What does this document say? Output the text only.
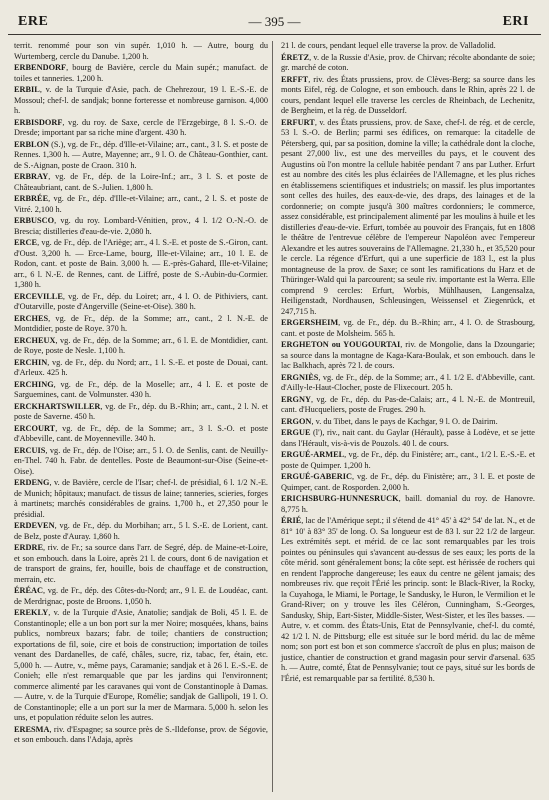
ERE	— 395 —	ERI

territ. renommé pour son vin supér. 1,010 h. — Autre, bourg du Wurtemberg, cercle du Danube. 1,200 h.

ERBENDORF, bourg de Bavière, cercle du Main supér.; manufact. de toiles et tanneries. 1,200 h.

ERBIL, v. de la Turquie d'Asie, pach. de Chehrezour, 19 l. E.-S.-E. de Mossoul; chef-l. de sandjak; bonne forteresse et nombreuse garnison. 4,000 h.

ERBISDORF, vg. du roy. de Saxe, cercle de l'Erzgebirge, 8 l. S.-O. de Dresde; important par sa riche mine d'argent. 430 h.

ERBLON (S.), vg. de Fr., dép. d'Ille-et-Vilaine; arr., cant., 3 l. S. et poste de Rennes. 1,300 h. — Autre, Mayenne; arr., 9 l. O. de Château-Gonthier, cant. de S.-Aignan, poste de Craon. 310 h.

ERBRAY, vg. de Fr., dép. de la Loire-Inf.; arr., 3 l. S. et poste de Châteaubriant, cant. de S.-Julien. 1,800 h.

ERBRÉE, vg. de Fr., dép. d'Ille-et-Vilaine; arr., cant., 2 l. S. et poste de Vitré. 2,100 h.

ERBUSCO, vg. du roy. Lombard-Vénitien, prov., 4 l. 1/2 O.-N.-O. de Brescia; distilleries d'eau-de-vie. 2,080 h.

ERCE, vg. de Fr., dép. de l'Ariège; arr., 4 l. S.-E. et poste de S.-Giron, cant. d'Oust. 3,200 h. — Erce-Lame, bourg, Ille-et-Vilaine; arr., 10 l. E. de Rodon, cant. et poste de Bain. 3,000 h. — E.-près-Gahard, Ille-et-Vilaine; arr., 6 l. N.-E. de Rennes, cant. de Liffré, poste de S.-Aubin-du-Cormier. 1,380 h.

ERCEVILLE, vg. de Fr., dép. du Loiret; arr., 4 l. O. de Pithiviers, cant. d'Outarville, poste d'Angerville (Seine-et-Oise). 380 h.

ERCHES, vg. de Fr., dép. de la Somme; arr., cant., 2 l. N.-E. de Montdidier, poste de Roye. 370 h.

ERCHEUX, vg. de Fr., dép. de la Somme; arr., 6 l. E. de Montdidier, cant. de Roye, poste de Nesle. 1,100 h.

ERCHIN, vg. de Fr., dép. du Nord; arr., 1 l. S.-E. et poste de Douai, cant. d'Arleux. 425 h.

ERCHING, vg. de Fr., dép. de la Moselle; arr., 4 l. E. et poste de Sarguemines, cant. de Volmunster. 430 h.

ERCKHARTSWILLER, vg. de Fr., dép. du B.-Rhin; arr., cant., 2 l. N. et poste de Saverne. 450 h.

ERCOURT, vg. de Fr., dép. de la Somme; arr., 3 l. S.-O. et poste d'Abbeville, cant. de Moyenneville. 340 h.

ERCUIS, vg. de Fr., dép. de l'Oise; arr., 5 l. O. de Senlis, cant. de Neuilly-en-Thel. 740 h. Fabr. de dentelles. Poste de Beaumont-sur-Oise (Seine-et-Oise).

ERDENG, v. de Bavière, cercle de l'Isar; chef-l. de présidial, 6 l. 1/2 N.-E. de Munich; hôpitaux; manufact. de tissus de laine; tanneries, scieries, forges à martinets; marchés considérables de grains. 1,700 h., et 27,350 pour le présidial.

ERDEVEN, vg. de Fr., dép. du Morbihan; arr., 5 l. S.-E. de Lorient, cant. de Belz, poste d'Auray. 1,860 h.

ERDRE, riv. de Fr.; sa source dans l'arr. de Segré, dép. de Maine-et-Loire, et son embouch. dans la Loire, après 21 l. de cours, dont 6 de navigation et de transport de grains, fer, houille, bois de chauffage et de construction, merrain, etc.

ÉRÉAC, vg. de Fr., dép. des Côtes-du-Nord; arr., 9 l. E. de Loudéac, cant. de Merdrignac, poste de Broons. 1,050 h.

EREKLY, v. de la Turquie d'Asie, Anatolie; sandjak de Boli, 45 l. E. de Constantinople; elle a un bon port sur la mer Noire; mosquées, khans, bains publics, nombreux bazars; fabr. de toile; chantiers de construction; exportations de fil, soie, cire et bois de construction; importation de toiles venant des Dardanelles, de café, châles, sucre, riz, tabac, fer, étain, etc. 5,000 h. — Autre, v., même pays, Caramanie; sandjak et à 26 l. E.-S.-E. de Conieh; elle n'est remarquable que par les jardins qui l'environnent; commerce alimenté par les caravanes qui vont de Constantinople à Damas. — Autre, v. de la Turquie d'Europe, Romélie; sandjak de Gallipoli, 19 l. O. de Constantinople; elle a un port sur la mer de Marmara. 5,000 h. selon les uns, et population réduite selon les autres.

ERESMA, riv. d'Espagne; sa source près de S.-Ildefonse, prov. de Ségovie, et son embouch. dans l'Adaja, après

21 l. de cours, pendant lequel elle traverse la prov. de Valladolid.

ÉRETZ, v. de la Russie d'Asie, prov. de Chirvan; récolte abondante de soie; gr. marché de coton.

ERFFT, riv. des États prussiens, prov. de Clèves-Berg; sa source dans les monts Eifel, rég. de Cologne, et son embouch. dans le Rhin, après 22 l. de cours, pendant lequel elle traverse les cercles de Rheinbach, de Lechenitz, de Bergheim, et la rég. de Dusseldorf.

ERFURT, v. des États prussiens, prov. de Saxe, chef-l. de rég. et de cercle, 53 l. S.-O. de Berlin; parmi ses édifices, on remarque: la citadelle de Pétersberg, qui, par sa position, domine la ville; la cathédrale dont la cloche, pesant 27,000 liv., est une des merveilles du pays, et le couvent des Augustins où l'on montre la cellule habitée pendant 7 ans par Luther. Erfurt est au nombre des cités les plus éclairées de l'Allemagne, et les plus riches en établissemens scientifiques et industriels; on massif. les plus importantes sont celles des huiles, des eaux-de-vie, des draps, des lainages et de la cordonnerie; on compte jusqu'à 300 maîtres cordonniers; le commerce, assez considérable, est principalement alimenté par les moulins à huile et les distilleries d'eau-de-vie. Erfurt, tombée au pouvoir des Français, fut en 1808 le théâtre de l'entrevue célèbre de l'empereur Napoléon avec l'empereur Alexandre et les autres souverains de l'Allemagne. 21,330 h., et 35,520 pour le cercle. La régence d'Erfurt, qui a une superficie de 183 l., est la plus montagneuse de la prov. de Saxe; ce sont les ramifications du Harz et de Thüringer-Wald qui la parcourent; sa seule riv. importante est la Werra. Elle comprend 9 cercles: Erfurt, Worbis, Mühlhausen, Langensalza, Heiligenstadt, Nordhausen, Schleusingen, Weissensel et Ziegenrück, et 247,715 h.

ERGERSHEIM, vg. de Fr., dép. du B.-Rhin; arr., 4 l. O. de Strasbourg, cant. et poste de Molsheim. 565 h.

ERGHETON ou YOUGOURTAI, riv. de Mongolie, dans la Dzoungarie; sa source dans la montagne de Kaga-Kara-Boulak, et son embouch. dans le lac Balkhach, après 72 l. de cours.

ERGNIÈS, vg. de Fr., dép. de la Somme; arr., 4 l. 1/2 E. d'Abbeville, cant. d'Ailly-le-Haut-Clocher, poste de Flixecourt. 205 h.

ERGNY, vg. de Fr., dép. du Pas-de-Calais; arr., 4 l. N.-E. de Montreuil, cant. d'Hucqueliers, poste de Fruges. 290 h.

ERGON, v. du Tibet, dans le pays de Kachgar, 9 l. O. de Dairim.

ERGUE (l'), riv., nait cant. du Gaylar (Hérault), passe à Lodève, et se jette dans l'Hérault, vis-à-vis de Pouzols. 40 l. de cours.

ERGUÉ-ARMEL, vg. de Fr., dép. du Finistère; arr., cant., 1/2 l. E.-S.-E. et poste de Quimper. 1,200 h.

ERGUÉ-GABERIC, vg. de Fr., dép. du Finistère; arr., 3 l. E. et poste de Quimper, cant. de Rosporden. 2,000 h.

ERICHSBURG-HUNNESRUCK, baill. domanial du roy. de Hanovre. 8,775 h.

ÉRIÉ, lac de l'Amérique sept.; il s'étend de 41° 45' à 42° 54' de lat. N., et de 81° 10' à 83° 35' de long. O. Sa longueur est de 83 l. sur 22 1/2 de largeur. Les extrémités sept. et mérid. de ce lac sont remarquables par les trois pointes ou péninsules qui s'avancent au-dessus de ses eaux; les ports de la côte mérid. sont généralement bons; la côte sept. est hérissée de rochers qui en rendent l'approche dangereuse; les eaux du centre ne gèlent jamais; des nombreuses riv. que reçoit l'Érié les princip. sont: le Black-River, la Rocky, la Cuyahoga, le Miami, le Portage, le Sandusky, le Huron, le Vermilion et le Grand-River; on y trouve les îles Céléron, Cunningham, S.-Georges, Sandusky, Ship, Eart-Sister, Middle-Sister, West-Sister, et les îles basses. — Autre, v. et comm. des États-Unis, Etat de Pennsylvanie, chef-l. du comté, 42 1/2 l. N. de Pittsburg; elle est située sur le bord mérid. du lac de même nom; son port est bon et son commerce s'accroît de plus en plus; maison de justice, chantier de construction et grand magasin pour servir d'arsenal. 635 h. — Autre, comté, État de Pennsylvanie; tout ce pays, situé sur les bords de l'Érié, est remarquable par sa fertilité. 8,530 h.
